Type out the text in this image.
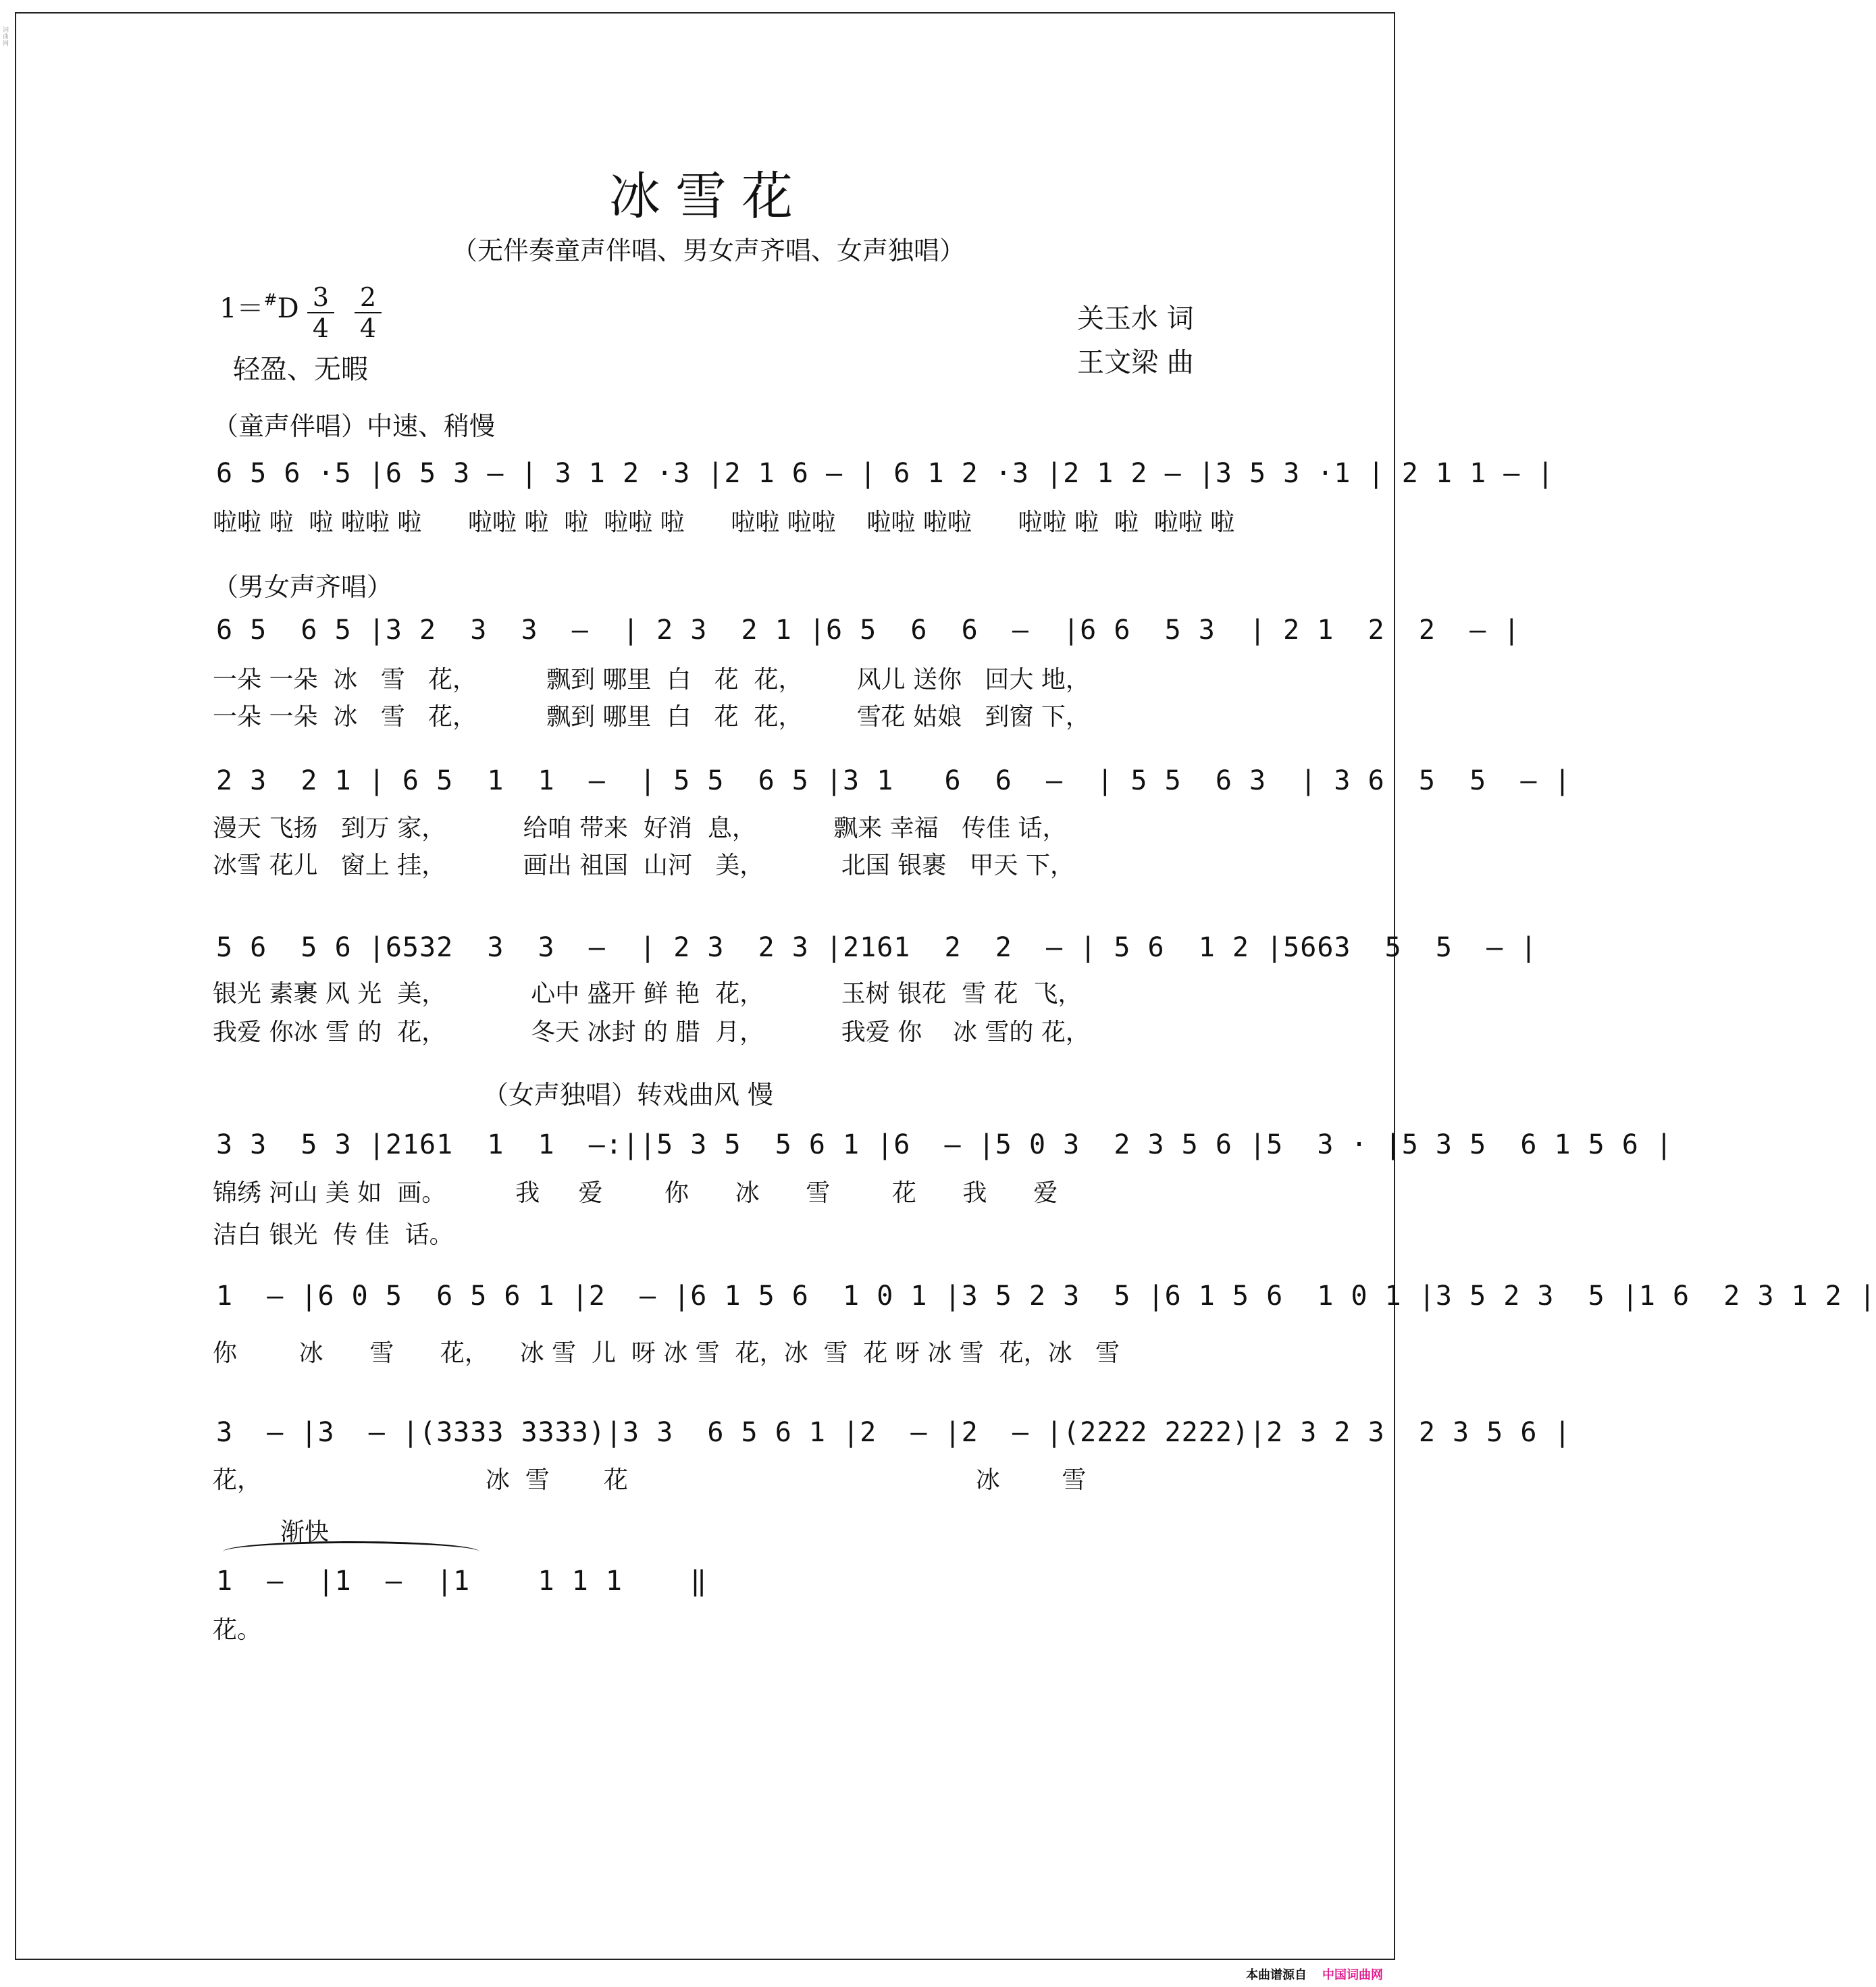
冰雪花
（无伴奏童声伴唱、男女声齐唱、女声独唱）
$1=^{\#}D \frac{3}{4} \frac{2}{4}$
轻盈、无暇
关玉水 词
王文梁 曲
（童声伴唱）中速、稍慢
（男女声齐唱）
（女声独唱）转戏曲风 慢
6 5 6 ·5 |6 5 3 – | 3 1 2 ·3 |2 1 6 – | 6 1 2 ·3 |2 1 2 – |3 5 3 ·1 | 2 1 1 – |
啦啦 啦  啦 啦啦 啦      啦啦 啦  啦  啦啦 啦      啦啦 啦啦    啦啦 啦啦      啦啦 啦  啦  啦啦 啦
6 5  6 5 |3 2  3  3  –  | 2 3  2 1 |6 5  6  6  –  |6 6  5 3  | 2 1  2  2  – |
一朵 一朵  冰   雪   花，         飘到 哪里  白   花  花，       风儿 送你   回大 地，
一朵 一朵  冰   雪   花，         飘到 哪里  白   花  花，       雪花 姑娘   到窗 下，
2 3  2 1 | 6 5  1  1  –  | 5 5  6 5 |3 1   6  6  –  | 5 5  6 3  | 3 6  5  5  – |
漫天 飞扬   到万 家，          给咱 带来  好消  息，          飘来 幸福   传佳 话，
冰雪 花儿   窗上 挂，          画出 祖国  山河   美，          北国 银裹   甲天 下，
5 6  5 6 |6532  3  3  –  | 2 3  2 3 |2161  2  2  – | 5 6  1 2 |5663  5  5  – |
银光 素裹 风 光  美，           心中 盛开 鲜 艳  花，          玉树 银花  雪 花  飞，
我爱 你冰 雪 的  花，           冬天 冰封 的 腊  月，          我爱 你    冰 雪的 花，
3 3  5 3 |2161  1  1  –:||5 3 5  5 6 1 |6  – |5 0 3  2 3 5 6 |5  3 · |5 3 5  6 1 5 6 |
锦绣 河山 美 如  画。         我     爱        你      冰      雪        花      我      爱
洁白 银光  传 佳  话。
1  – |6 0 5  6 5 6 1 |2  – |6 1 5 6  1 0 1 |3 5 2 3  5 |6 1 5 6  1 0 1 |3 5 2 3  5 |1 6  2 3 1 2 |
你        冰      雪      花，    冰 雪  儿  呀 冰 雪  花，冰  雪  花 呀 冰 雪  花，冰   雪
3  – |3  – |(3333 3333)|3 3  6 5 6 1 |2  – |2  – |(2222 2222)|2 3 2 3  2 3 5 6 |
花，                             冰  雪       花                                             冰        雪
渐快
1  –  |1  –  |1    1 1 1    ‖
花。
本曲谱源自 中国词曲网
词曲网
